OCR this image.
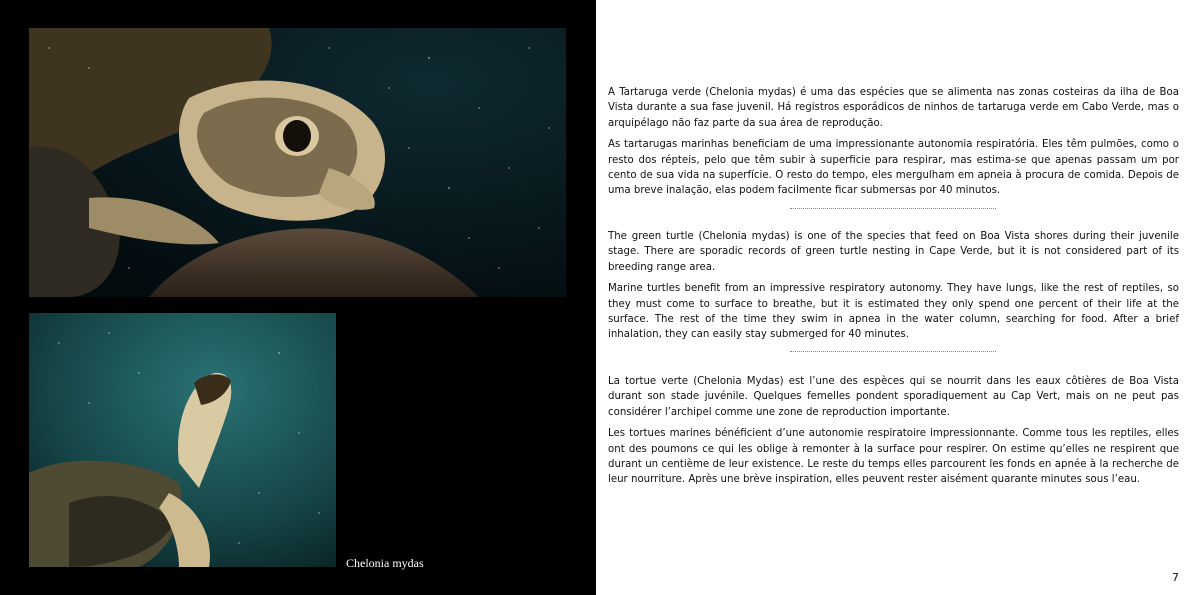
Chelonia mydas

A Tartaruga verde (Chelonia mydas) é uma das espécies que se alimenta nas zonas costeiras da ilha de Boa Vista durante a sua fase juvenil. Há registros esporádicos de ninhos de tartaruga verde em Cabo Verde, mas o arquipélago não faz parte da sua área de reprodução.

As tartarugas marinhas beneficiam de uma impressionante autonomia respiratória. Eles têm pulmões, como o resto dos répteis, pelo que têm subir à superficie para respirar, mas estima-se que apenas passam um por cento de sua vida na superfície. O resto do tempo, eles mergulham em apneia à procura de comida. Depois de uma breve inalação, elas podem facilmente ficar submersas por 40 minutos.

The green turtle (Chelonia mydas) is one of the species that feed on Boa Vista shores during their juvenile stage. There are sporadic records of green turtle nesting in Cape Verde, but it is not considered part of its breeding range area.

Marine turtles benefit from an impressive respiratory autonomy. They have lungs, like the rest of reptiles, so they must come to surface to breathe, but it is estimated they only spend one percent of their life at the surface. The rest of the time they swim in apnea in the water column, searching for food. After a brief inhalation, they can easily stay submerged for 40 minutes.

La tortue verte (Chelonia Mydas) est l’une des espèces qui se nourrit dans les eaux côtières de Boa Vista durant son stade juvénile. Quelques femelles pondent sporadiquement au Cap Vert, mais on ne peut pas considérer l’archipel comme une zone de reproduction importante.

Les tortues marines bénéficient d’une autonomie respiratoire impressionnante. Comme tous les reptiles, elles ont des poumons ce qui les oblige à remonter à la surface pour respirer. On estime qu’elles ne respirent que durant un centième de leur existence. Le reste du temps elles parcourent les fonds en apnée à la recherche de leur nourriture. Après une brève inspiration, elles peuvent rester aisément quarante minutes sous l’eau.

7
